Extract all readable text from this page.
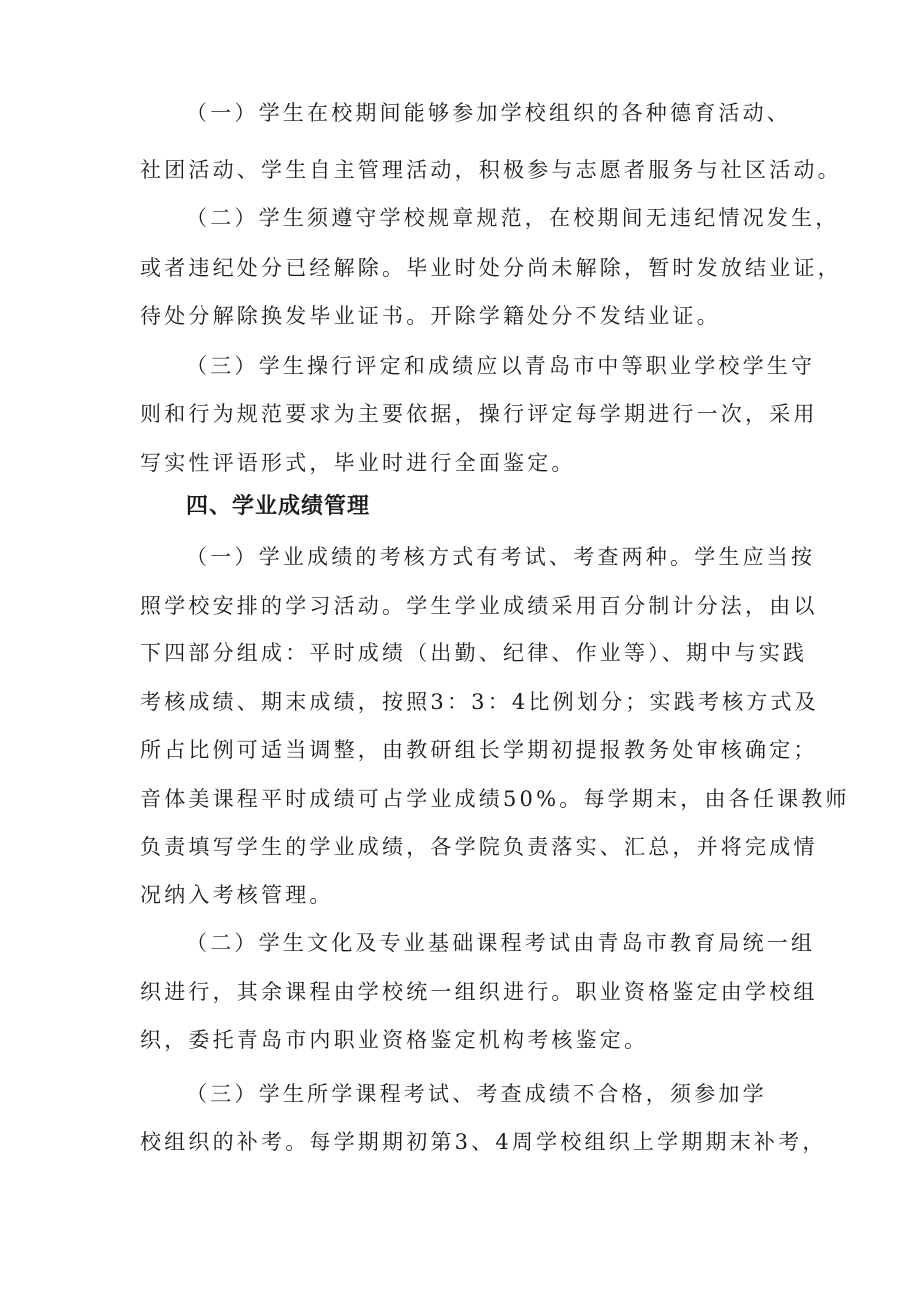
（一）学生在校期间能够参加学校组织的各种德育活动、
社团活动、学生自主管理活动，积极参与志愿者服务与社区活动。
（二）学生须遵守学校规章规范，在校期间无违纪情况发生，
或者违纪处分已经解除。毕业时处分尚未解除，暂时发放结业证，
待处分解除换发毕业证书。开除学籍处分不发结业证。
（三）学生操行评定和成绩应以青岛市中等职业学校学生守
则和行为规范要求为主要依据，操行评定每学期进行一次，采用
写实性评语形式，毕业时进行全面鉴定。
四、学业成绩管理
（一）学业成绩的考核方式有考试、考查两种。学生应当按
照学校安排的学习活动。学生学业成绩采用百分制计分法，由以
下四部分组成：平时成绩（出勤、纪律、作业等）、期中与实践
考核成绩、期末成绩，按照3：3：4比例划分；实践考核方式及
所占比例可适当调整，由教研组长学期初提报教务处审核确定；
音体美课程平时成绩可占学业成绩50%。每学期末，由各任课教师
负责填写学生的学业成绩，各学院负责落实、汇总，并将完成情
况纳入考核管理。
（二）学生文化及专业基础课程考试由青岛市教育局统一组
织进行，其余课程由学校统一组织进行。职业资格鉴定由学校组
织，委托青岛市内职业资格鉴定机构考核鉴定。
（三）学生所学课程考试、考查成绩不合格，须参加学
校组织的补考。每学期期初第3、4周学校组织上学期期末补考，
